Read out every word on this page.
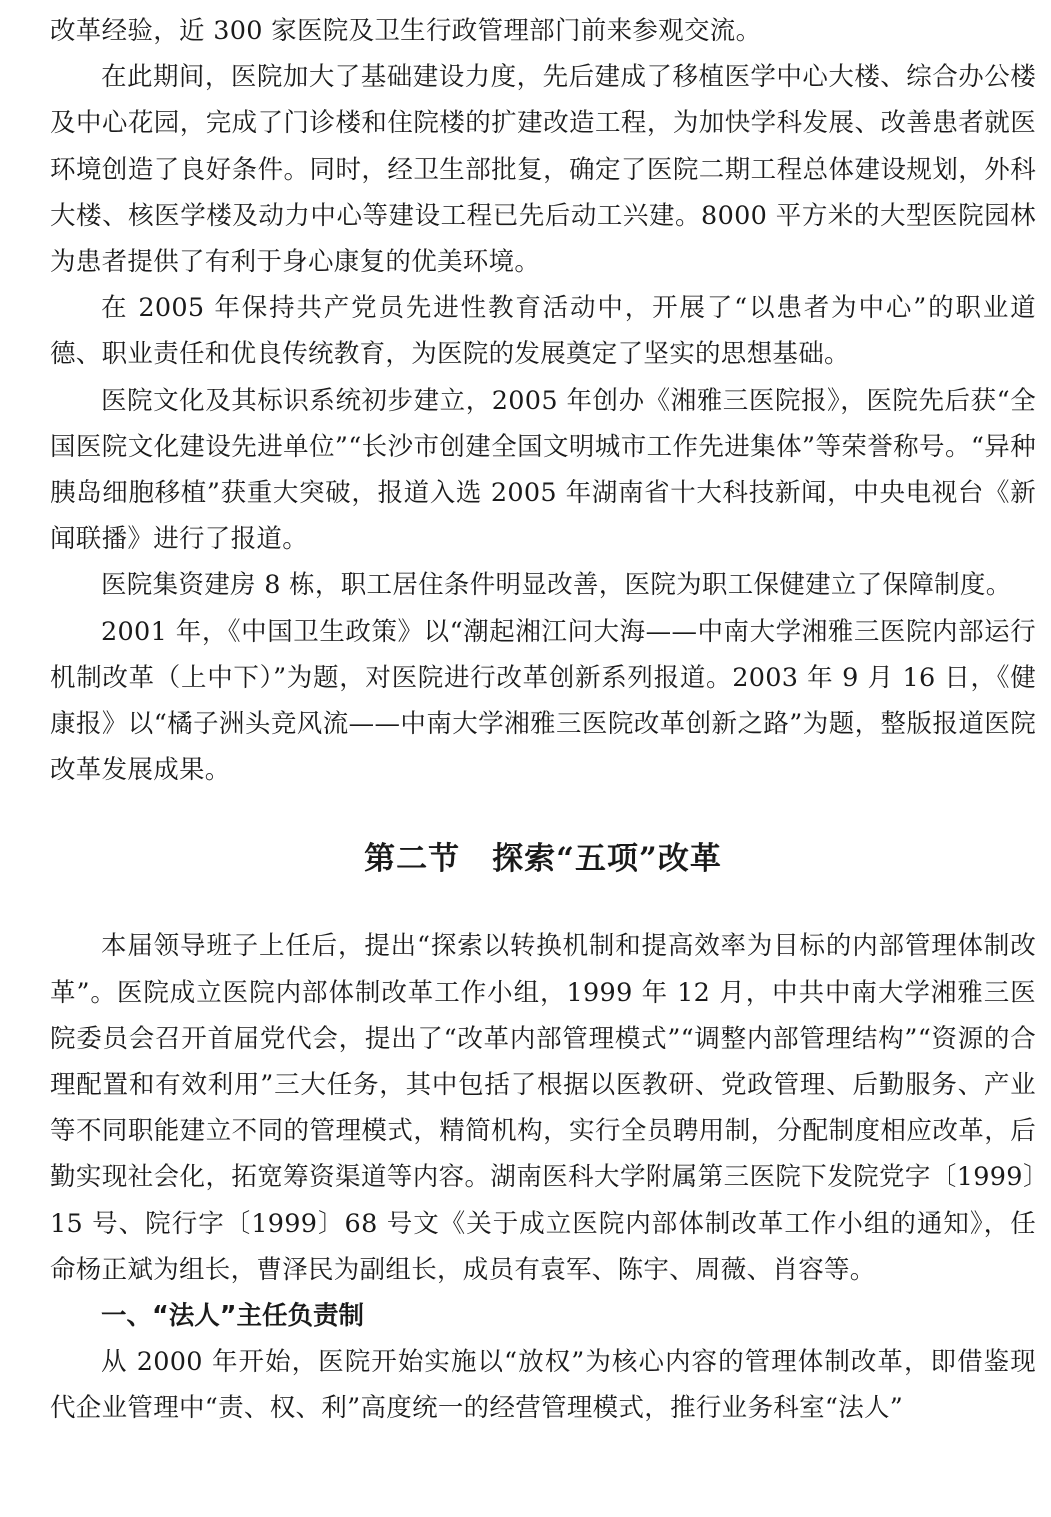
改革经验，近 300 家医院及卫生行政管理部门前来参观交流。

在此期间，医院加大了基础建设力度，先后建成了移植医学中心大楼、综合办公楼及中心花园，完成了门诊楼和住院楼的扩建改造工程，为加快学科发展、改善患者就医环境创造了良好条件。同时，经卫生部批复，确定了医院二期工程总体建设规划，外科大楼、核医学楼及动力中心等建设工程已先后动工兴建。8000 平方米的大型医院园林为患者提供了有利于身心康复的优美环境。

在 2005 年保持共产党员先进性教育活动中，开展了“以患者为中心”的职业道德、职业责任和优良传统教育，为医院的发展奠定了坚实的思想基础。

医院文化及其标识系统初步建立，2005 年创办《湘雅三医院报》，医院先后获“全国医院文化建设先进单位”“长沙市创建全国文明城市工作先进集体”等荣誉称号。“异种胰岛细胞移植”获重大突破，报道入选 2005 年湖南省十大科技新闻，中央电视台《新闻联播》进行了报道。

医院集资建房 8 栋，职工居住条件明显改善，医院为职工保健建立了保障制度。

2001 年，《中国卫生政策》以“潮起湘江问大海——中南大学湘雅三医院内部运行机制改革（上中下）”为题，对医院进行改革创新系列报道。2003 年 9 月 16 日，《健康报》以“橘子洲头竞风流——中南大学湘雅三医院改革创新之路”为题，整版报道医院改革发展成果。

第二节　探索“五项”改革

本届领导班子上任后，提出“探索以转换机制和提高效率为目标的内部管理体制改革”。医院成立医院内部体制改革工作小组，1999 年 12 月，中共中南大学湘雅三医院委员会召开首届党代会，提出了“改革内部管理模式”“调整内部管理结构”“资源的合理配置和有效利用”三大任务，其中包括了根据以医教研、党政管理、后勤服务、产业等不同职能建立不同的管理模式，精简机构，实行全员聘用制，分配制度相应改革，后勤实现社会化，拓宽筹资渠道等内容。湖南医科大学附属第三医院下发院党字〔1999〕15 号、院行字〔1999〕68 号文《关于成立医院内部体制改革工作小组的通知》，任命杨正斌为组长，曹泽民为副组长，成员有袁军、陈宇、周薇、肖容等。

一、“法人”主任负责制

从 2000 年开始，医院开始实施以“放权”为核心内容的管理体制改革，即借鉴现代企业管理中“责、权、利”高度统一的经营管理模式，推行业务科室“法人”
